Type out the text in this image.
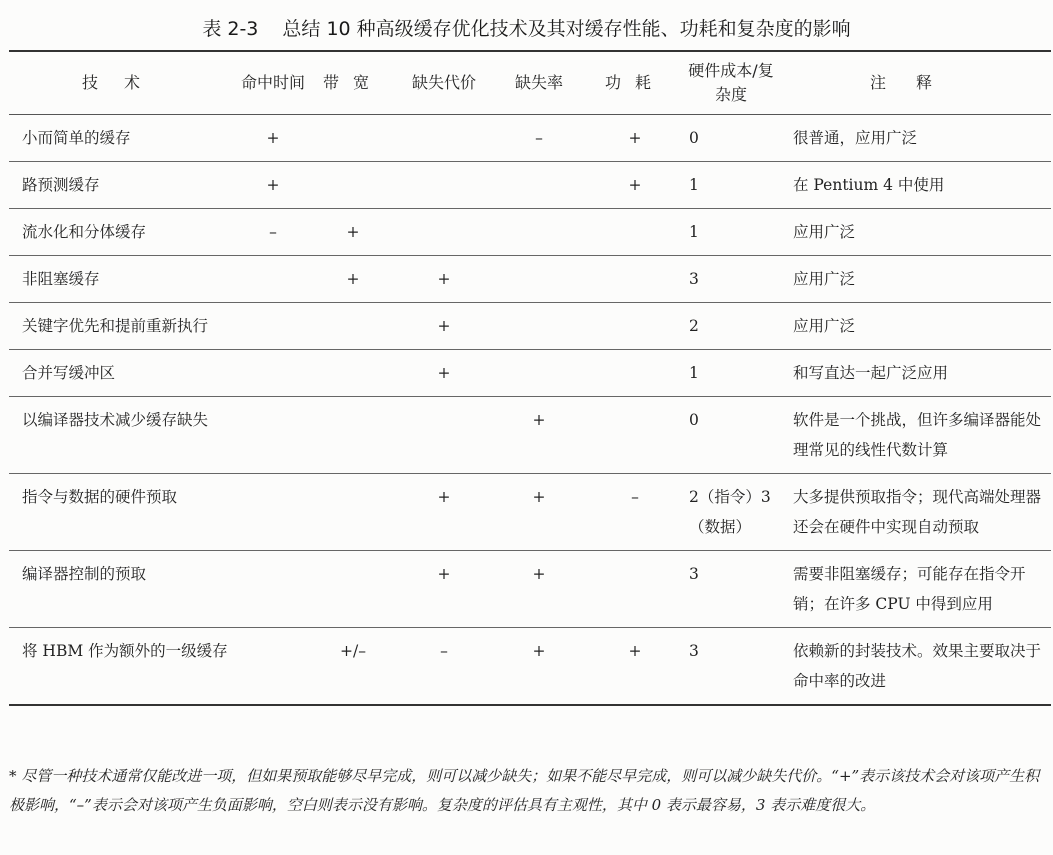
表 2-3 总结 10 种高级缓存优化技术及其对缓存性能、功耗和复杂度的影响
技术	命中时间	带宽	缺失代价	缺失率	功耗	硬件成本/复杂度	注释
小而简单的缓存	+			–	+	0	很普通，应用广泛
路预测缓存	+				+	1	在 Pentium 4 中使用
流水化和分体缓存	–	+				1	应用广泛
非阻塞缓存		+	+			3	应用广泛
关键字优先和提前重新执行			+			2	应用广泛
合并写缓冲区			+			1	和写直达一起广泛应用
以编译器技术减少缓存缺失				+		0	软件是一个挑战，但许多编译器能处理常见的线性代数计算
指令与数据的硬件预取			+	+	–	2（指令）3（数据）	大多提供预取指令；现代高端处理器还会在硬件中实现自动预取
编译器控制的预取			+	+		3	需要非阻塞缓存；可能存在指令开销；在许多 CPU 中得到应用
将 HBM 作为额外的一级缓存		+/–	–	+	+	3	依赖新的封装技术。效果主要取决于命中率的改进
* 尽管一种技术通常仅能改进一项，但如果预取能够尽早完成，则可以减少缺失；如果不能尽早完成，则可以减少缺失代价。“+”表示该技术会对该项产生积极影响，“–”表示会对该项产生负面影响，空白则表示没有影响。复杂度的评估具有主观性，其中 0 表示最容易，3 表示难度很大。
